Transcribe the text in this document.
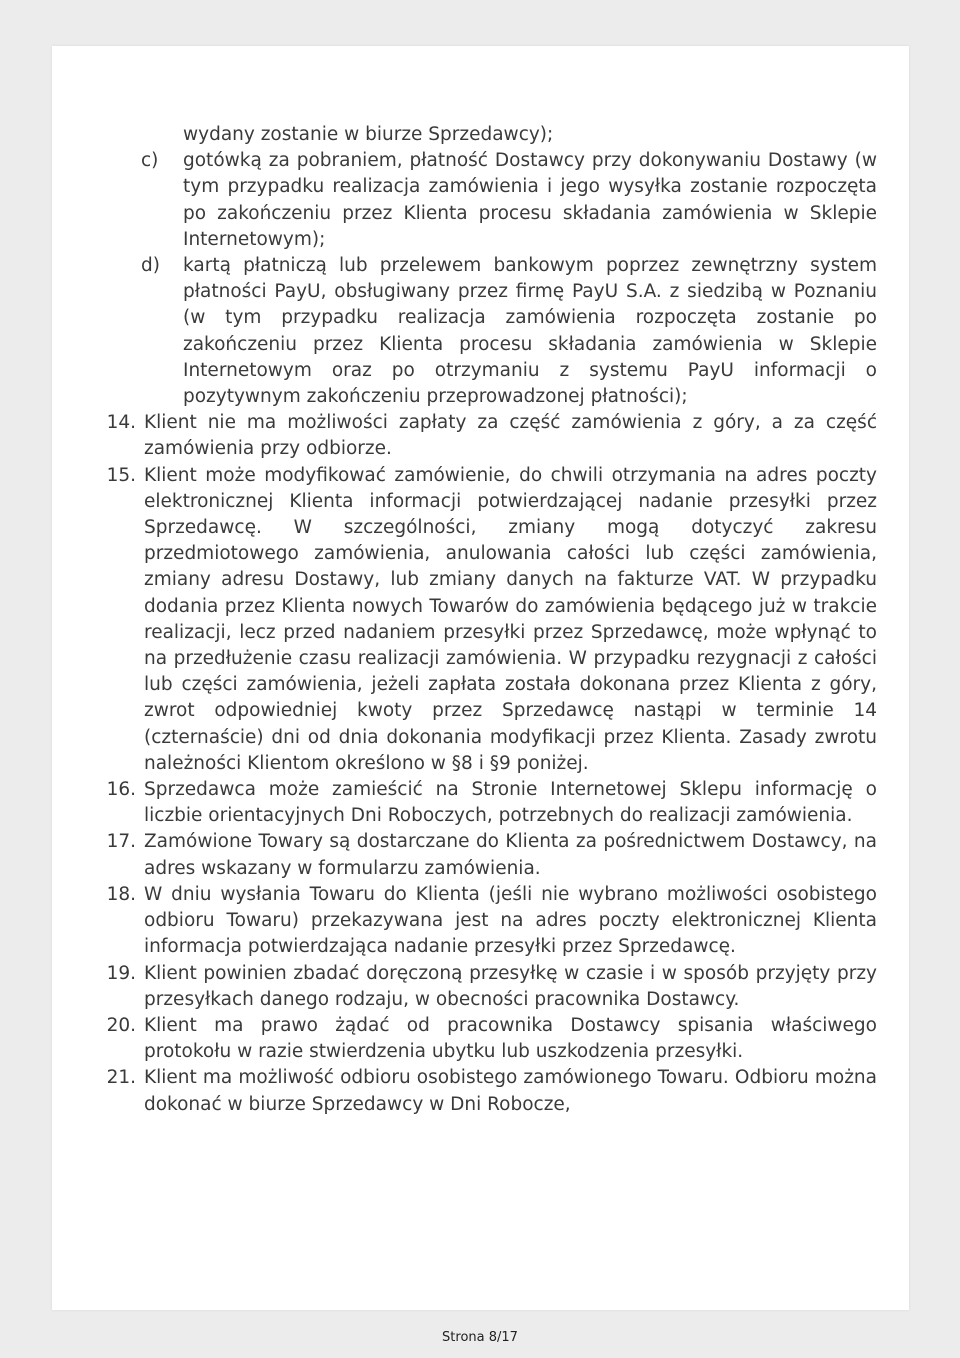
wydany zostanie w biurze Sprzedawcy);
c)	gotówką za pobraniem, płatność Dostawcy przy dokonywaniu Dostawy (w tym przypadku realizacja zamówienia i jego wysyłka zostanie rozpoczęta po zakończeniu przez Klienta procesu składania zamówienia w Sklepie Internetowym);
d)	kartą płatniczą lub przelewem bankowym poprzez zewnętrzny system płatności PayU, obsługiwany przez firmę PayU S.A. z siedzibą w Poznaniu (w tym przypadku realizacja zamówienia rozpoczęta zostanie po zakończeniu przez Klienta procesu składania zamówienia w Sklepie Internetowym oraz po otrzymaniu z systemu PayU informacji o pozytywnym zakończeniu przeprowadzonej płatności);
14. Klient nie ma możliwości zapłaty za część zamówienia z góry, a za część zamówienia przy odbiorze.
15. Klient może modyfikować zamówienie, do chwili otrzymania na adres poczty elektronicznej Klienta informacji potwierdzającej nadanie przesyłki przez Sprzedawcę. W szczególności, zmiany mogą dotyczyć zakresu przedmiotowego zamówienia, anulowania całości lub części zamówienia, zmiany adresu Dostawy, lub zmiany danych na fakturze VAT. W przypadku dodania przez Klienta nowych Towarów do zamówienia będącego już w trakcie realizacji, lecz przed nadaniem przesyłki przez Sprzedawcę, może wpłynąć to na przedłużenie czasu realizacji zamówienia. W przypadku rezygnacji z całości lub części zamówienia, jeżeli zapłata została dokonana przez Klienta z góry, zwrot odpowiedniej kwoty przez Sprzedawcę nastąpi w terminie 14 (czternaście) dni od dnia dokonania modyfikacji przez Klienta. Zasady zwrotu należności Klientom określono w §8 i §9 poniżej.
16. Sprzedawca może zamieścić na Stronie Internetowej Sklepu informację o liczbie orientacyjnych Dni Roboczych, potrzebnych do realizacji zamówienia.
17. Zamówione Towary są dostarczane do Klienta za pośrednictwem Dostawcy, na adres wskazany w formularzu zamówienia.
18. W dniu wysłania Towaru do Klienta (jeśli nie wybrano możliwości osobistego odbioru Towaru) przekazywana jest na adres poczty elektronicznej Klienta informacja potwierdzająca nadanie przesyłki przez Sprzedawcę.
19. Klient powinien zbadać doręczoną przesyłkę w czasie i w sposób przyjęty przy przesyłkach danego rodzaju, w obecności pracownika Dostawcy.
20. Klient ma prawo żądać od pracownika Dostawcy spisania właściwego protokołu w razie stwierdzenia ubytku lub uszkodzenia przesyłki.
21. Klient ma możliwość odbioru osobistego zamówionego Towaru. Odbioru można dokonać w biurze Sprzedawcy w Dni Robocze,
Strona 8/17
